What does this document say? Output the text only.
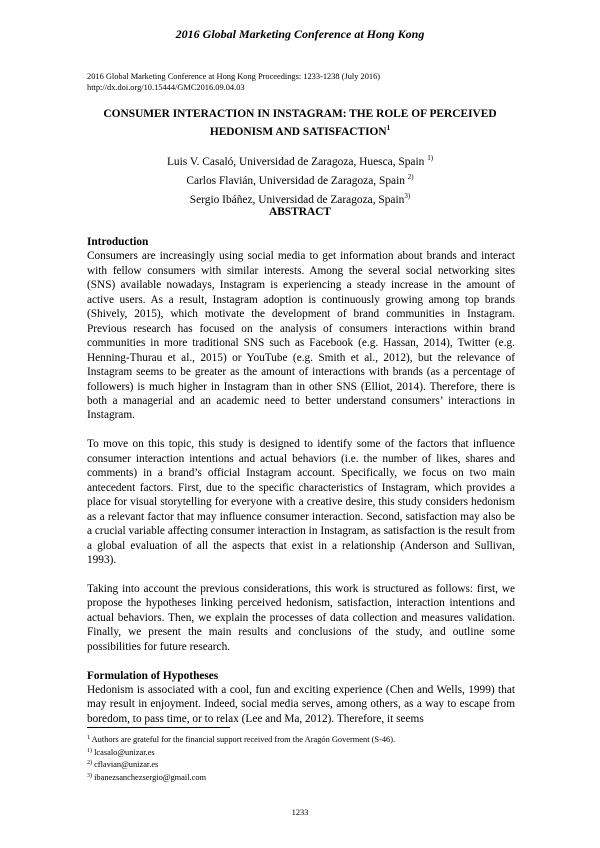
2016 Global Marketing Conference at Hong Kong
2016 Global Marketing Conference at Hong Kong Proceedings: 1233-1238 (July 2016)
http://dx.doi.org/10.15444/GMC2016.09.04.03
CONSUMER INTERACTION IN INSTAGRAM: THE ROLE OF PERCEIVED
HEDONISM AND SATISFACTION$^1$
Luis V. Casaló, Universidad de Zaragoza, Huesca, Spain $^{1)}$
Carlos Flavián, Universidad de Zaragoza, Spain $^{2)}$
Sergio Ibáñez, Universidad de Zaragoza, Spain$^{3)}$
ABSTRACT
Introduction

Consumers are increasingly using social media to get information about brands and interact with fellow consumers with similar interests. Among the several social networking sites (SNS) available nowadays, Instagram is experiencing a steady increase in the amount of active users. As a result, Instagram adoption is continuously growing among top brands (Shively, 2015), which motivate the development of brand communities in Instagram. Previous research has focused on the analysis of consumers interactions within brand communities in more traditional SNS such as Facebook (e.g. Hassan, 2014), Twitter (e.g. Henning-Thurau et al., 2015) or YouTube (e.g. Smith et al., 2012), but the relevance of Instagram seems to be greater as the amount of interactions with brands (as a percentage of followers) is much higher in Instagram than in other SNS (Elliot, 2014). Therefore, there is both a managerial and an academic need to better understand consumers’ interactions in Instagram.

To move on this topic, this study is designed to identify some of the factors that influence consumer interaction intentions and actual behaviors (i.e. the number of likes, shares and comments) in a brand’s official Instagram account. Specifically, we focus on two main antecedent factors. First, due to the specific characteristics of Instagram, which provides a place for visual storytelling for everyone with a creative desire, this study considers hedonism as a relevant factor that may influence consumer interaction. Second, satisfaction may also be a crucial variable affecting consumer interaction in Instagram, as satisfaction is the result from a global evaluation of all the aspects that exist in a relationship (Anderson and Sullivan, 1993).

Taking into account the previous considerations, this work is structured as follows: first, we propose the hypotheses linking perceived hedonism, satisfaction, interaction intentions and actual behaviors. Then, we explain the processes of data collection and measures validation. Finally, we present the main results and conclusions of the study, and outline some possibilities for future research.

Formulation of Hypotheses

Hedonism is associated with a cool, fun and exciting experience (Chen and Wells, 1999) that may result in enjoyment. Indeed, social media serves, among others, as a way to escape from boredom, to pass time, or to relax (Lee and Ma, 2012). Therefore, it seems

$^1$ Authors are grateful for the financial support received from the Aragón Goverment (S-46).
$^{1)}$ lcasalo@unizar.es
$^{2)}$ cflavian@unizar.es
$^{3)}$ ibanezsanchezsergio@gmail.com
1233
